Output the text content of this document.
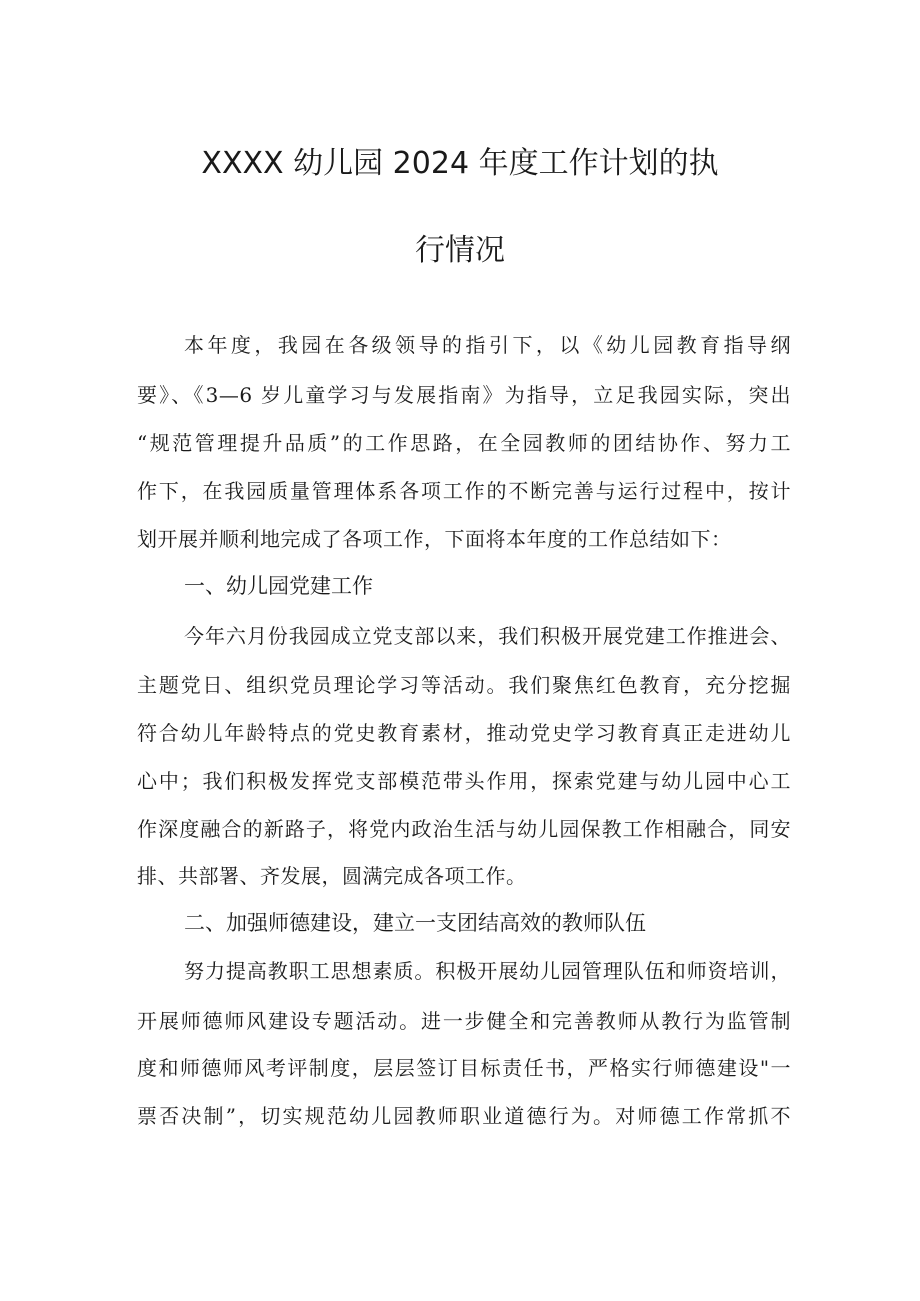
XXXX 幼儿园 2024 年度工作计划的执
行情况

本年度，我园在各级领导的指引下，以《幼儿园教育指导纲

要》、《3—6 岁儿童学习与发展指南》为指导，立足我园实际，突出

“规范管理提升品质”的工作思路，在全园教师的团结协作、努力工

作下，在我园质量管理体系各项工作的不断完善与运行过程中，按计

划开展并顺利地完成了各项工作，下面将本年度的工作总结如下：

一、幼儿园党建工作

今年六月份我园成立党支部以来，我们积极开展党建工作推进会、

主题党日、组织党员理论学习等活动。我们聚焦红色教育，充分挖掘

符合幼儿年龄特点的党史教育素材，推动党史学习教育真正走进幼儿

心中；我们积极发挥党支部模范带头作用，探索党建与幼儿园中心工

作深度融合的新路子，将党内政治生活与幼儿园保教工作相融合，同安

排、共部署、齐发展，圆满完成各项工作。

二、加强师德建设，建立一支团结高效的教师队伍

努力提高教职工思想素质。积极开展幼儿园管理队伍和师资培训，

开展师德师风建设专题活动。进一步健全和完善教师从教行为监管制

度和师德师风考评制度，层层签订目标责任书，严格实行师德建设"一

票否决制”，切实规范幼儿园教师职业道德行为。对师德工作常抓不
